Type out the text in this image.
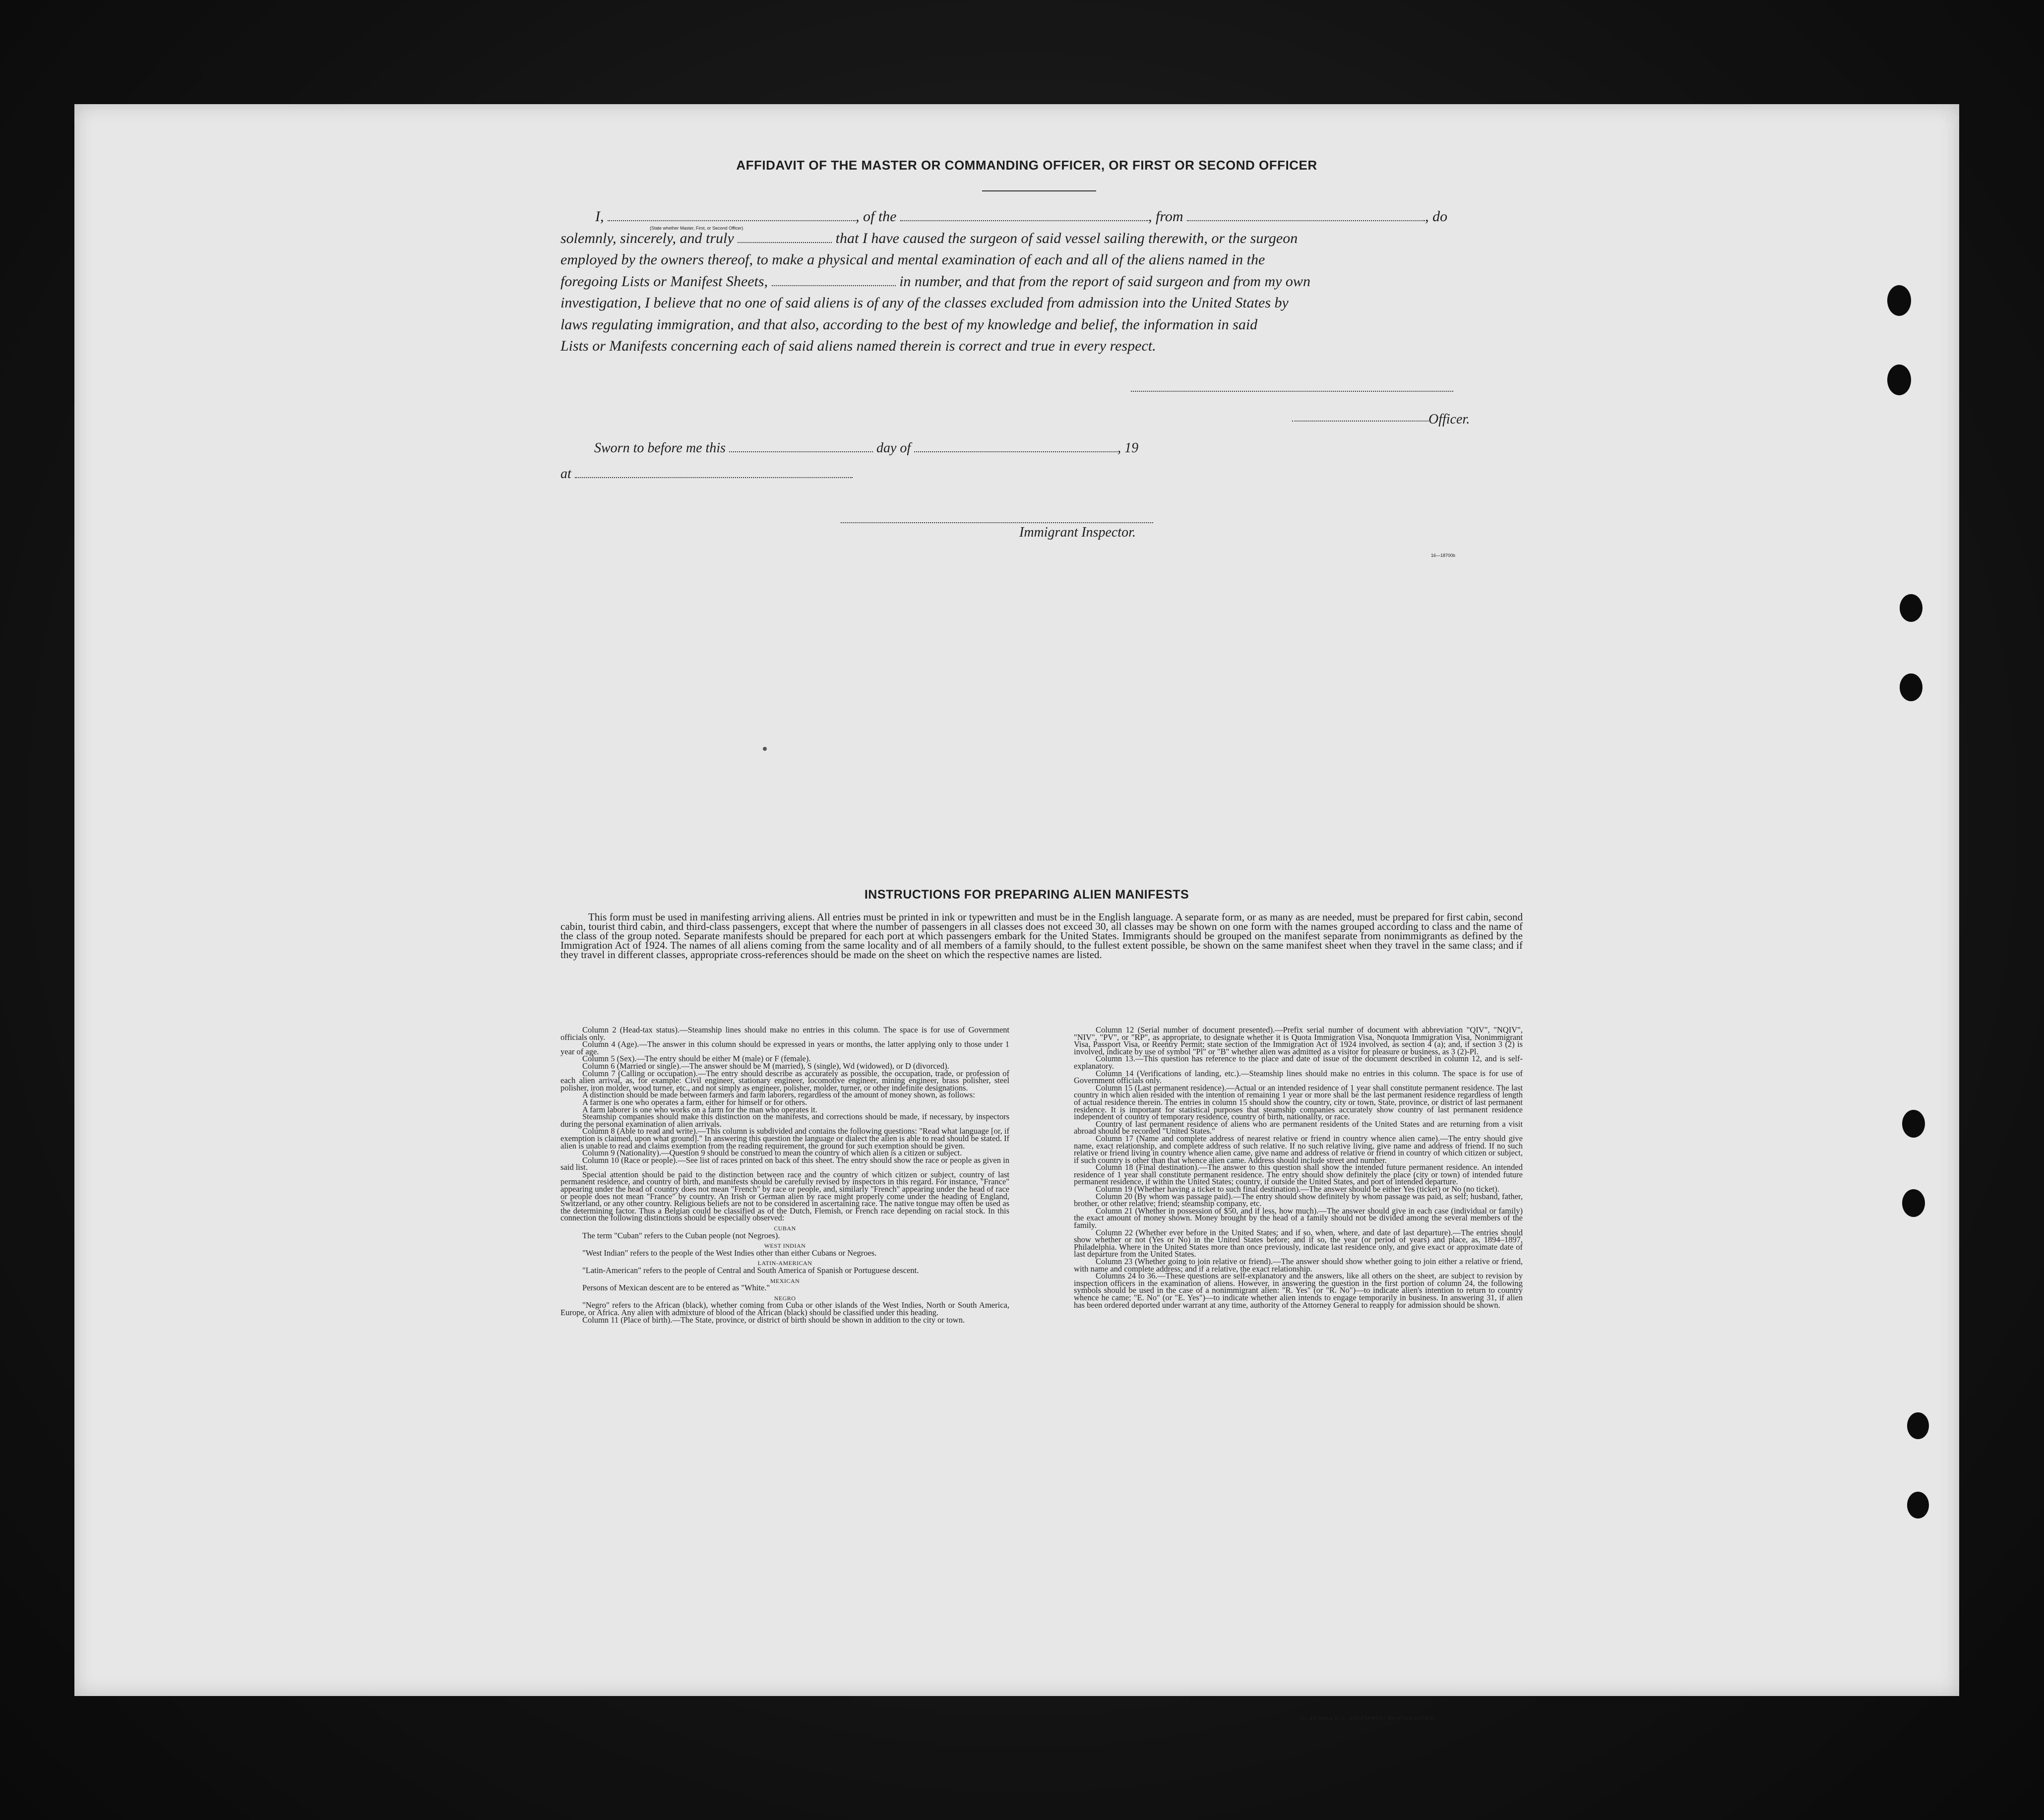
AFFIDAVIT OF THE MASTER OR COMMANDING OFFICER, OR FIRST OR SECOND OFFICER
(State whether Master, First, or Second Officer)
I,	, of the	, from	, do
solemnly, sincerely, and truly	that I have caused the surgeon of said vessel sailing therewith, or the surgeon
employed by the owners thereof, to make a physical and mental examination of each and all of the aliens named in the
foregoing Lists or Manifest Sheets,	in number, and that from the report of said surgeon and from my own
investigation, I believe that no one of said aliens is of any of the classes excluded from admission into the United States by
laws regulating immigration, and that also, according to the best of my knowledge and belief, the information in said
Lists or Manifests concerning each of said aliens named therein is correct and true in every respect.
Officer.
Sworn to before me this	day of	, 19
at
Immigrant Inspector.
16—18700b
INSTRUCTIONS FOR PREPARING ALIEN MANIFESTS
This form must be used in manifesting arriving aliens. All entries must be printed in ink or typewritten and must be in the English language. A separate form, or as many as are needed, must be prepared for first cabin, second cabin, tourist third cabin, and third-class passengers, except that where the number of passengers in all classes does not exceed 30, all classes may be shown on one form with the names grouped according to class and the name of the class of the group noted. Separate manifests should be prepared for each port at which passengers embark for the United States. Immigrants should be grouped on the manifest separate from nonimmigrants as defined by the Immigration Act of 1924. The names of all aliens coming from the same locality and of all members of a family should, to the fullest extent possible, be shown on the same manifest sheet when they travel in the same class; and if they travel in different classes, appropriate cross-references should be made on the sheet on which the respective names are listed.

Column 2 (Head-tax status).—Steamship lines should make no entries in this column. The space is for use of Government officials only.

Column 4 (Age).—The answer in this column should be expressed in years or months, the latter applying only to those under 1 year of age.

Column 5 (Sex).—The entry should be either M (male) or F (female).

Column 6 (Married or single).—The answer should be M (married), S (single), Wd (widowed), or D (divorced).

Column 7 (Calling or occupation).—The entry should describe as accurately as possible, the occupation, trade, or profession of each alien arrival, as, for example: Civil engineer, stationary engineer, locomotive engineer, mining engineer, brass polisher, steel polisher, iron molder, wood turner, etc., and not simply as engineer, polisher, molder, turner, or other indefinite designations.

A distinction should be made between farmers and farm laborers, regardless of the amount of money shown, as follows:

A farmer is one who operates a farm, either for himself or for others.

A farm laborer is one who works on a farm for the man who operates it.

Steamship companies should make this distinction on the manifests, and corrections should be made, if necessary, by inspectors during the personal examination of alien arrivals.

Column 8 (Able to read and write).—This column is subdivided and contains the following questions: "Read what language [or, if exemption is claimed, upon what ground]." In answering this question the language or dialect the alien is able to read should be stated. If alien is unable to read and claims exemption from the reading requirement, the ground for such exemption should be given.

Column 9 (Nationality).—Question 9 should be construed to mean the country of which alien is a citizen or subject.

Column 10 (Race or people).—See list of races printed on back of this sheet. The entry should show the race or people as given in said list.

Special attention should be paid to the distinction between race and the country of which citizen or subject, country of last permanent residence, and country of birth, and manifests should be carefully revised by inspectors in this regard. For instance, "France" appearing under the head of country does not mean "French" by race or people, and, similarly "French" appearing under the head of race or people does not mean "France" by country. An Irish or German alien by race might properly come under the heading of England, Switzerland, or any other country. Religious beliefs are not to be considered in ascertaining race. The native tongue may often be used as the determining factor. Thus a Belgian could be classified as of the Dutch, Flemish, or French race depending on racial stock. In this connection the following distinctions should be especially observed:

CUBAN

The term "Cuban" refers to the Cuban people (not Negroes).

WEST INDIAN

"West Indian" refers to the people of the West Indies other than either Cubans or Negroes.

LATIN-AMERICAN

"Latin-American" refers to the people of Central and South America of Spanish or Portuguese descent.

MEXICAN

Persons of Mexican descent are to be entered as "White."

NEGRO

"Negro" refers to the African (black), whether coming from Cuba or other islands of the West Indies, North or South America, Europe, or Africa. Any alien with admixture of blood of the African (black) should be classified under this heading.

Column 11 (Place of birth).—The State, province, or district of birth should be shown in addition to the city or town.

Column 12 (Serial number of document presented).—Prefix serial number of document with abbreviation "QIV", "NQIV", "NIV", "PV", or "RP", as appropriate, to designate whether it is Quota Immigration Visa, Nonquota Immigration Visa, Nonimmigrant Visa, Passport Visa, or Reentry Permit; state section of the Immigration Act of 1924 involved, as section 4 (a); and, if section 3 (2) is involved, indicate by use of symbol "Pl" or "B" whether alien was admitted as a visitor for pleasure or business, as 3 (2)-Pl.

Column 13.—This question has reference to the place and date of issue of the document described in column 12, and is self-explanatory.

Column 14 (Verifications of landing, etc.).—Steamship lines should make no entries in this column. The space is for use of Government officials only.

Column 15 (Last permanent residence).—Actual or an intended residence of 1 year shall constitute permanent residence. The last country in which alien resided with the intention of remaining 1 year or more shall be the last permanent residence regardless of length of actual residence therein. The entries in column 15 should show the country, city or town, State, province, or district of last permanent residence. It is important for statistical purposes that steamship companies accurately show country of last permanent residence independent of country of temporary residence, country of birth, nationality, or race.

Country of last permanent residence of aliens who are permanent residents of the United States and are returning from a visit abroad should be recorded "United States."

Column 17 (Name and complete address of nearest relative or friend in country whence alien came).—The entry should give name, exact relationship, and complete address of such relative. If no such relative living, give name and address of friend. If no such relative or friend living in country whence alien came, give name and address of relative or friend in country of which citizen or subject, if such country is other than that whence alien came. Address should include street and number.

Column 18 (Final destination).—The answer to this question shall show the intended future permanent residence. An intended residence of 1 year shall constitute permanent residence. The entry should show definitely the place (city or town) of intended future permanent residence, if within the United States; country, if outside the United States, and port of intended departure.

Column 19 (Whether having a ticket to such final destination).—The answer should be either Yes (ticket) or No (no ticket).

Column 20 (By whom was passage paid).—The entry should show definitely by whom passage was paid, as self; husband, father, brother, or other relative; friend; steamship company, etc.

Column 21 (Whether in possession of $50, and if less, how much).—The answer should give in each case (individual or family) the exact amount of money shown. Money brought by the head of a family should not be divided among the several members of the family.

Column 22 (Whether ever before in the United States; and if so, when, where, and date of last departure).—The entries should show whether or not (Yes or No) in the United States before; and if so, the year (or period of years) and place, as, 1894–1897, Philadelphia. Where in the United States more than once previously, indicate last residence only, and give exact or approximate date of last departure from the United States.

Column 23 (Whether going to join relative or friend).—The answer should show whether going to join either a relative or friend, with name and complete address; and if a relative, the exact relationship.

Columns 24 to 36.—These questions are self-explanatory and the answers, like all others on the sheet, are subject to revision by inspection officers in the examination of aliens. However, in answering the question in the first portion of column 24, the following symbols should be used in the case of a nonimmigrant alien: "R. Yes" (or "R. No")—to indicate alien's intention to return to country whence he came; "E. No" (or "E. Yes")—to indicate whether alien intends to engage temporarily in business. In answering 31, if alien has been ordered deported under warrant at any time, authority of the Attorney General to reapply for admission should be shown.

16—18700b-2 U. S. GOVERNMENT PRINTING OFFICE
